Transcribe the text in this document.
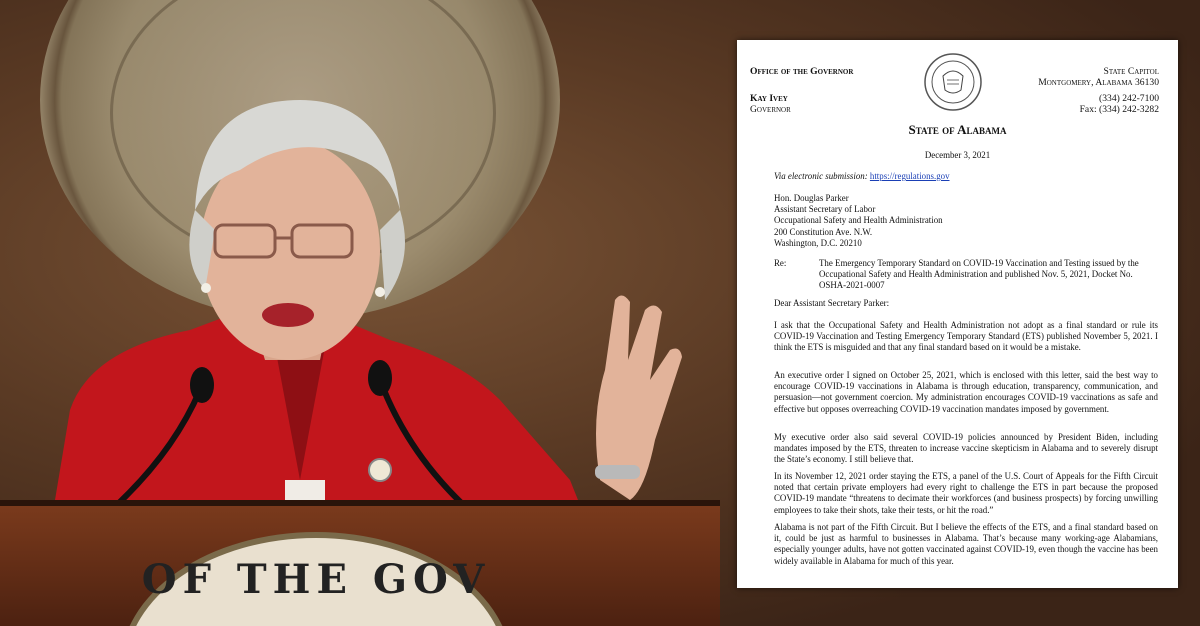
OF THE GOV
Office of the Governor
Kay Ivey
Governor
State Capitol
Montgomery, Alabama 36130
(334) 242-7100
Fax: (334) 242-3282
State of Alabama
December 3, 2021
Via electronic submission: https://regulations.gov
Hon. Douglas Parker
Assistant Secretary of Labor
Occupational Safety and Health Administration
200 Constitution Ave. N.W.
Washington, D.C. 20210
Re:	The Emergency Temporary Standard on COVID-19 Vaccination and Testing issued by the Occupational Safety and Health Administration and published Nov. 5, 2021, Docket No. OSHA-2021-0007
Dear Assistant Secretary Parker:
I ask that the Occupational Safety and Health Administration not adopt as a final standard or rule its COVID-19 Vaccination and Testing Emergency Temporary Standard (ETS) published November 5, 2021. I think the ETS is misguided and that any final standard based on it would be a mistake.
An executive order I signed on October 25, 2021, which is enclosed with this letter, said the best way to encourage COVID-19 vaccinations in Alabama is through education, transparency, communication, and persuasion—not government coercion. My administration encourages COVID-19 vaccinations as safe and effective but opposes overreaching COVID-19 vaccination mandates imposed by government.
My executive order also said several COVID-19 policies announced by President Biden, including mandates imposed by the ETS, threaten to increase vaccine skepticism in Alabama and to severely disrupt the State’s economy. I still believe that.
In its November 12, 2021 order staying the ETS, a panel of the U.S. Court of Appeals for the Fifth Circuit noted that certain private employers had every right to challenge the ETS in part because the proposed COVID-19 mandate “threatens to decimate their workforces (and business prospects) by forcing unwilling employees to take their shots, take their tests, or hit the road.”
Alabama is not part of the Fifth Circuit. But I believe the effects of the ETS, and a final standard based on it, could be just as harmful to businesses in Alabama. That’s because many working-age Alabamians, especially younger adults, have not gotten vaccinated against COVID-19, even though the vaccine has been widely available in Alabama for much of this year.
